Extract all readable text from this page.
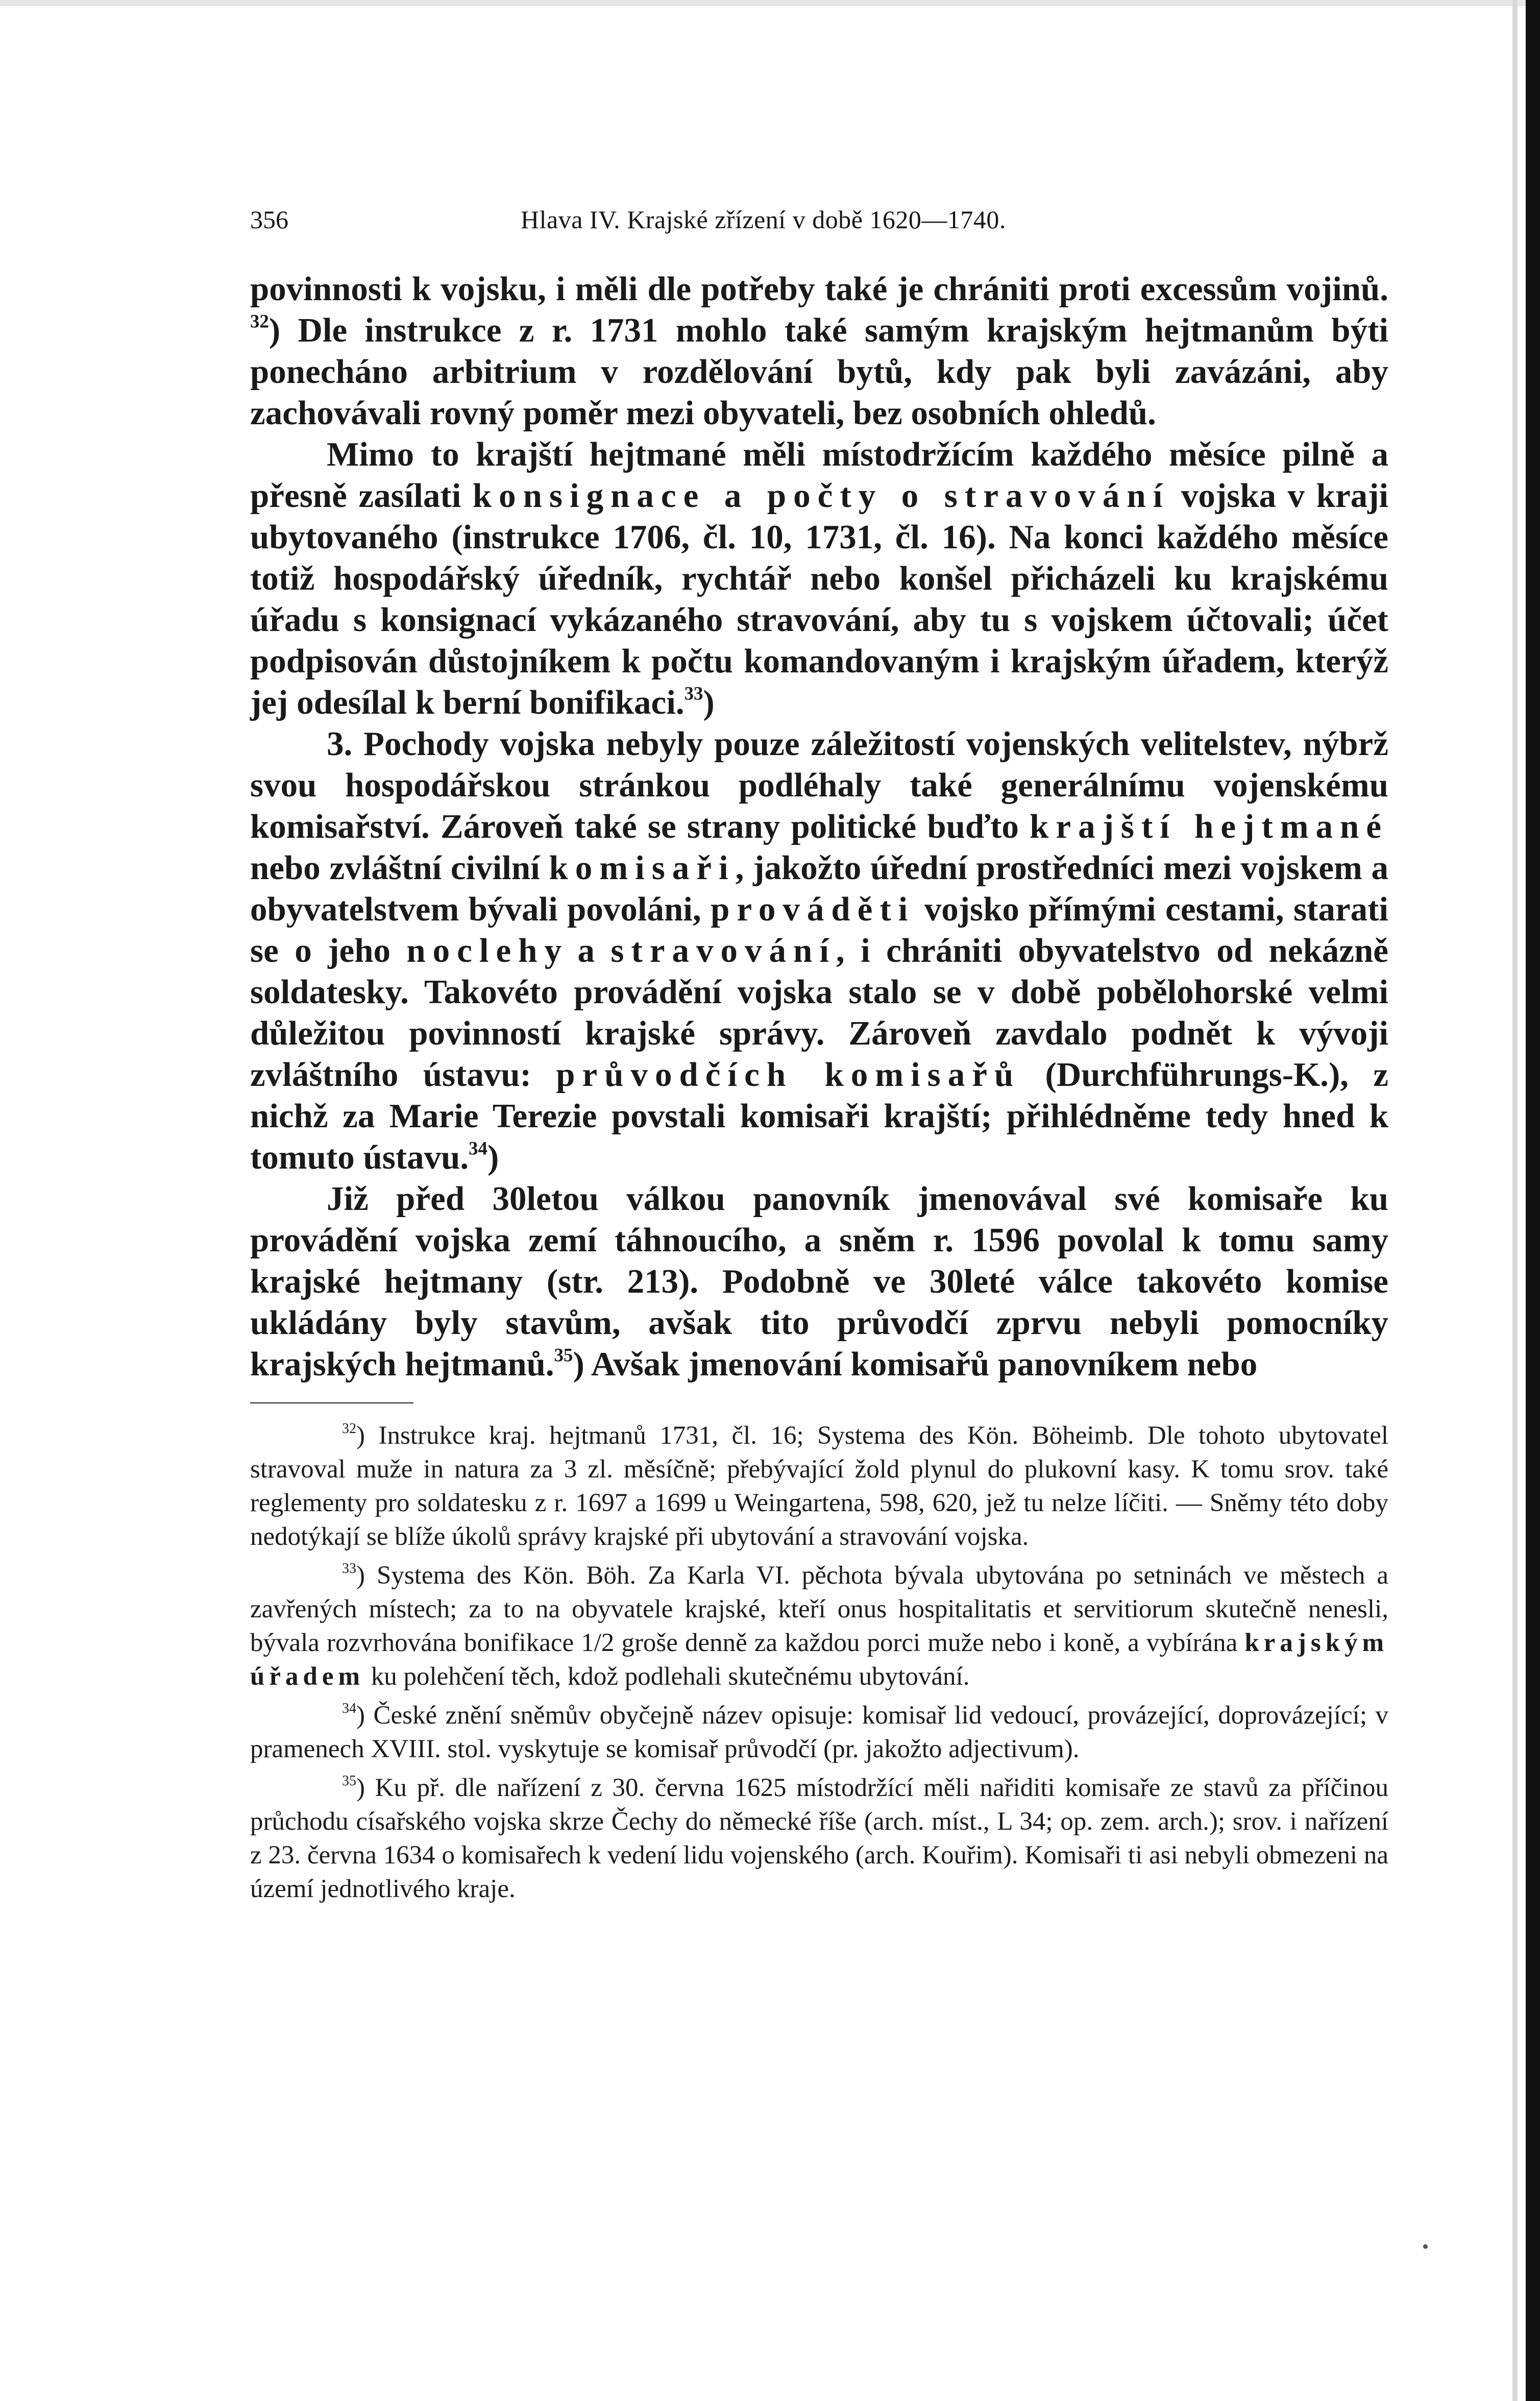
356	Hlava IV. Krajské zřízení v době 1620—1740.

povinnosti k vojsku, i měli dle potřeby také je chrániti proti excessům vojinů. $^{32}$) Dle instrukce z r. 1731 mohlo také samým krajským hejtmanům býti ponecháno arbitrium v rozdělování bytů, kdy pak byli zavázáni, aby zachovávali rovný poměr mezi obyvateli, bez osobních ohledů.

Mimo to krajští hejtmané měli místodržícím každého měsíce pilně a přesně zasílati konsignace a počty o stravování vojska v kraji ubytovaného (instrukce 1706, čl. 10, 1731, čl. 16). Na konci každého měsíce totiž hospodářský úředník, rychtář nebo konšel přicházeli ku krajskému úřadu s konsignací vykázaného stravování, aby tu s vojskem účtovali; účet podpisován důstojníkem k počtu komandovaným i krajským úřadem, kterýž jej odesílal k berní bonifikaci.$^{33}$)

3. Pochody vojska nebyly pouze záležitostí vojenských velitelstev, nýbrž svou hospodářskou stránkou podléhaly také generálnímu vojenskému komisařství. Zároveň také se strany politické buďto krajští hejtmané nebo zvláštní civilní komisaři, jakožto úřední prostředníci mezi vojskem a obyvatelstvem bývali povoláni, prováděti vojsko přímými cestami, starati se o jeho noclehy a stravování, i chrániti obyvatelstvo od nekázně soldatesky. Takovéto provádění vojska stalo se v době pobělohorské velmi důležitou povinností krajské správy. Zároveň zavdalo podnět k vývoji zvláštního ústavu: průvodčích komisařů (Durchführungs-K.), z nichž za Marie Terezie povstali komisaři krajští; přihlédněme tedy hned k tomuto ústavu.$^{34}$)

Již před 30letou válkou panovník jmenovával své komisaře ku provádění vojska zemí táhnoucího, a sněm r. 1596 povolal k tomu samy krajské hejtmany (str. 213). Podobně ve 30leté válce takovéto komise ukládány byly stavům, avšak tito průvodčí zprvu nebyli pomocníky krajských hejtmanů.$^{35}$) Avšak jmenování komisařů panovníkem nebo

$^{32}$) Instrukce kraj. hejtmanů 1731, čl. 16; Systema des Kön. Böheimb. Dle tohoto ubytovatel stravoval muže in natura za 3 zl. měsíčně; přebývající žold plynul do plukovní kasy. K tomu srov. také reglementy pro soldatesku z r. 1697 a 1699 u Weingartena, 598, 620, jež tu nelze líčiti. — Sněmy této doby nedotýkají se blíže úkolů správy krajské při ubytování a stravování vojska.

$^{33}$) Systema des Kön. Böh. Za Karla VI. pěchota bývala ubytována po setninách ve městech a zavřených místech; za to na obyvatele krajské, kteří onus hospitalitatis et servitiorum skutečně nenesli, bývala rozvrhována bonifikace 1/2 groše denně za každou porci muže nebo i koně, a vybírána krajským úřadem ku polehčení těch, kdož podlehali skutečnému ubytování.

$^{34}$) České znění sněmův obyčejně název opisuje: komisař lid vedoucí, provázející, doprovázející; v pramenech XVIII. stol. vyskytuje se komisař průvodčí (pr. jakožto adjectivum).

$^{35}$) Ku př. dle nařízení z 30. června 1625 místodržící měli nařiditi komisaře ze stavů za příčinou průchodu císařského vojska skrze Čechy do německé říše (arch. míst., L 34; op. zem. arch.); srov. i nařízení z 23. června 1634 o komisařech k vedení lidu vojenského (arch. Kouřim). Komisaři ti asi nebyli obmezeni na území jednotlivého kraje.
